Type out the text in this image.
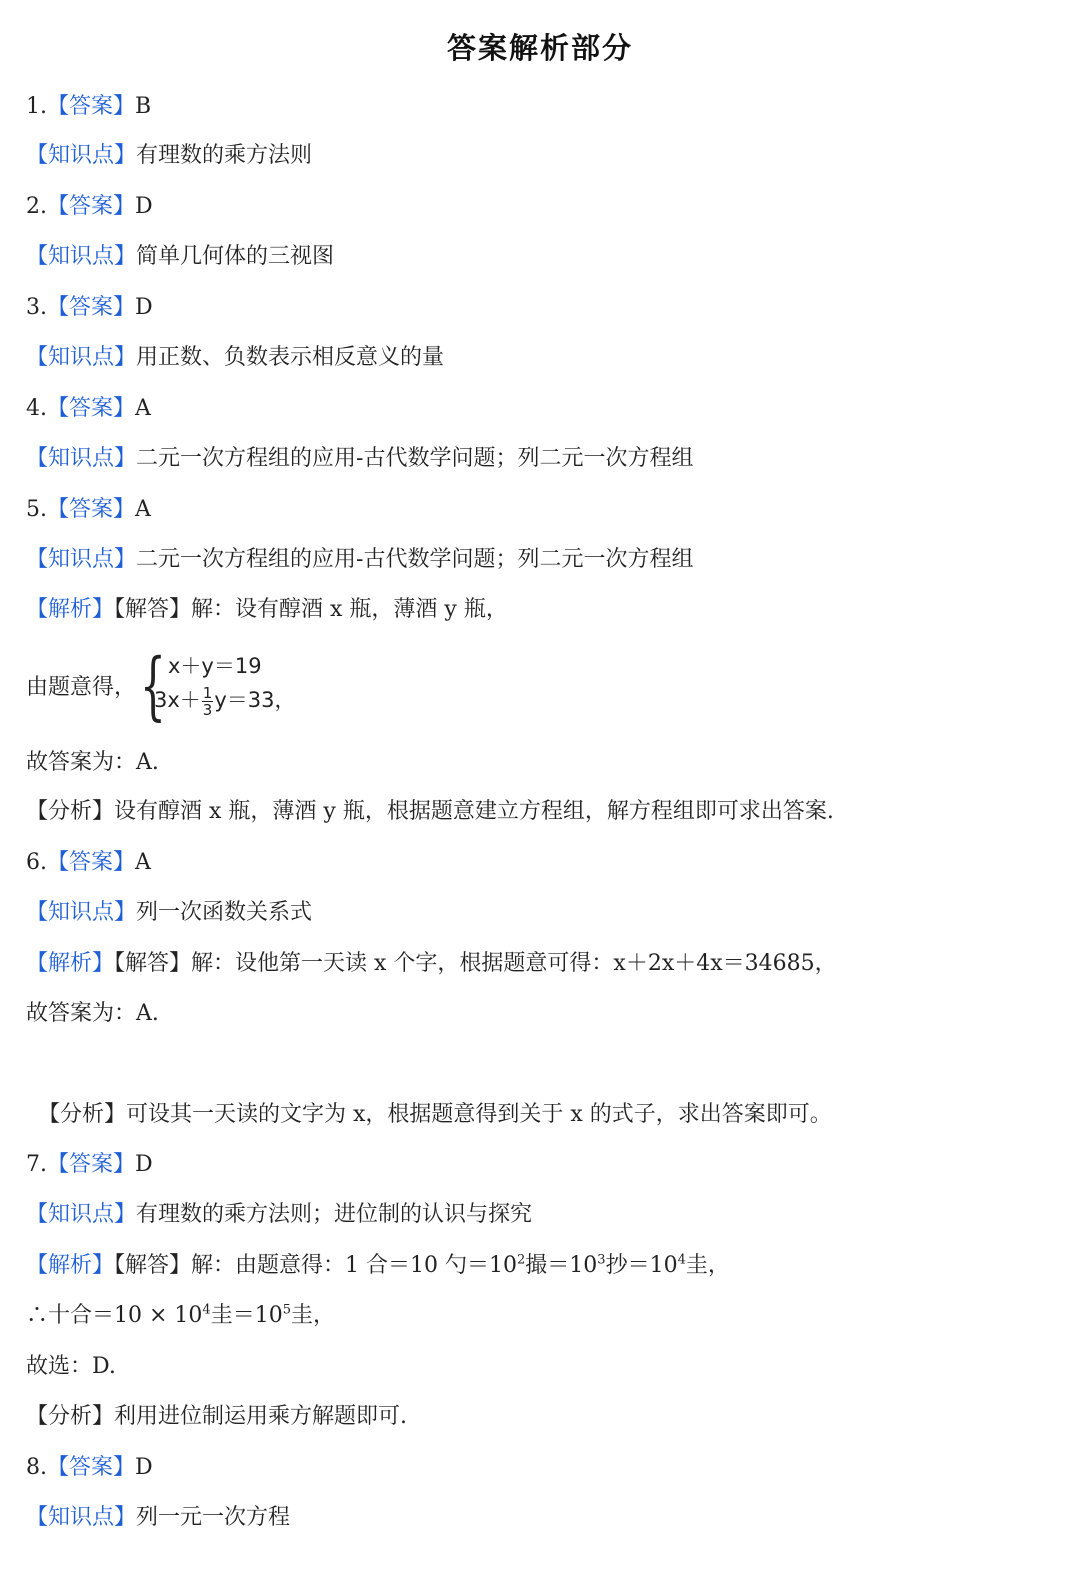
答案解析部分
1.【答案】B
【知识点】有理数的乘方法则
2.【答案】D
【知识点】简单几何体的三视图
3.【答案】D
【知识点】用正数、负数表示相反意义的量
4.【答案】A
【知识点】二元一次方程组的应用-古代数学问题；列二元一次方程组
5.【答案】A
【知识点】二元一次方程组的应用-古代数学问题；列二元一次方程组
【解析】【解答】解：设有醇酒 x 瓶，薄酒 y 瓶，
由题意得， { x＋y＝19
$3x+ \frac{1}{3} y=33$，
故答案为：A.
【分析】设有醇酒 x 瓶，薄酒 y 瓶，根据题意建立方程组，解方程组即可求出答案.
6.【答案】A
【知识点】列一次函数关系式
【解析】【解答】解：设他第一天读 x 个字，根据题意可得：x＋2x＋4x＝34685，
故答案为：A.
【分析】可设其一天读的文字为 x，根据题意得到关于 x 的式子，求出答案即可。
7.【答案】D
【知识点】有理数的乘方法则；进位制的认识与探究
【解析】【解答】解：由题意得：1 合＝10 勺$=10^2$撮$=10^3$抄$=10^4$圭，
∴十合$=10 \times 10^4$圭$=10^5$圭，
故选：D.
【分析】利用进位制运用乘方解题即可.
8.【答案】D
【知识点】列一元一次方程
